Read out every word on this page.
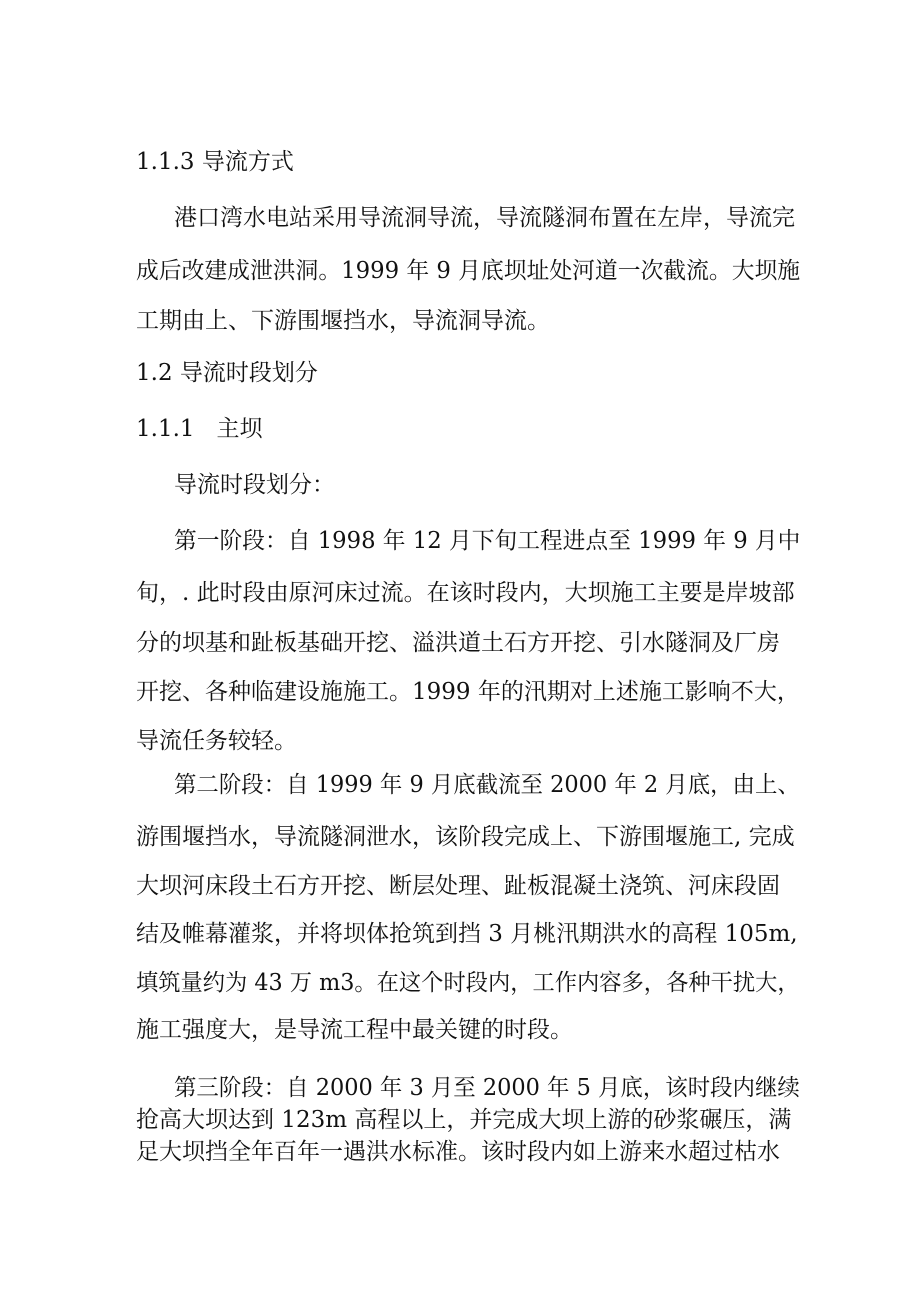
1.1.3 导流方式

港口湾水电站采用导流洞导流，导流隧洞布置在左岸，导流完

成后改建成泄洪洞。1999 年 9 月底坝址处河道一次截流。大坝施

工期由上、下游围堰挡水，导流洞导流。

1.2 导流时段划分

1.1.1   主坝

导流时段划分：

第一阶段：自 1998 年 12 月下旬工程进点至 1999 年 9 月中

旬，. 此时段由原河床过流。在该时段内，大坝施工主要是岸坡部

分的坝基和趾板基础开挖、溢洪道土石方开挖、引水隧洞及厂房

开挖、各种临建设施施工。1999 年的汛期对上述施工影响不大，

导流任务较轻。

第二阶段：自 1999 年 9 月底截流至 2000 年 2 月底，由上、

游围堰挡水，导流隧洞泄水，该阶段完成上、下游围堰施工, 完成

大坝河床段土石方开挖、断层处理、趾板混凝土浇筑、河床段固

结及帷幕灌浆，并将坝体抢筑到挡 3 月桃汛期洪水的高程 105m,

填筑量约为 43 万 m3。在这个时段内，工作内容多，各种干扰大，

施工强度大，是导流工程中最关键的时段。

第三阶段：自 2000 年 3 月至 2000 年 5 月底，该时段内继续

抢高大坝达到 123m 高程以上，并完成大坝上游的砂浆碾压，满

足大坝挡全年百年一遇洪水标准。该时段内如上游来水超过枯水
